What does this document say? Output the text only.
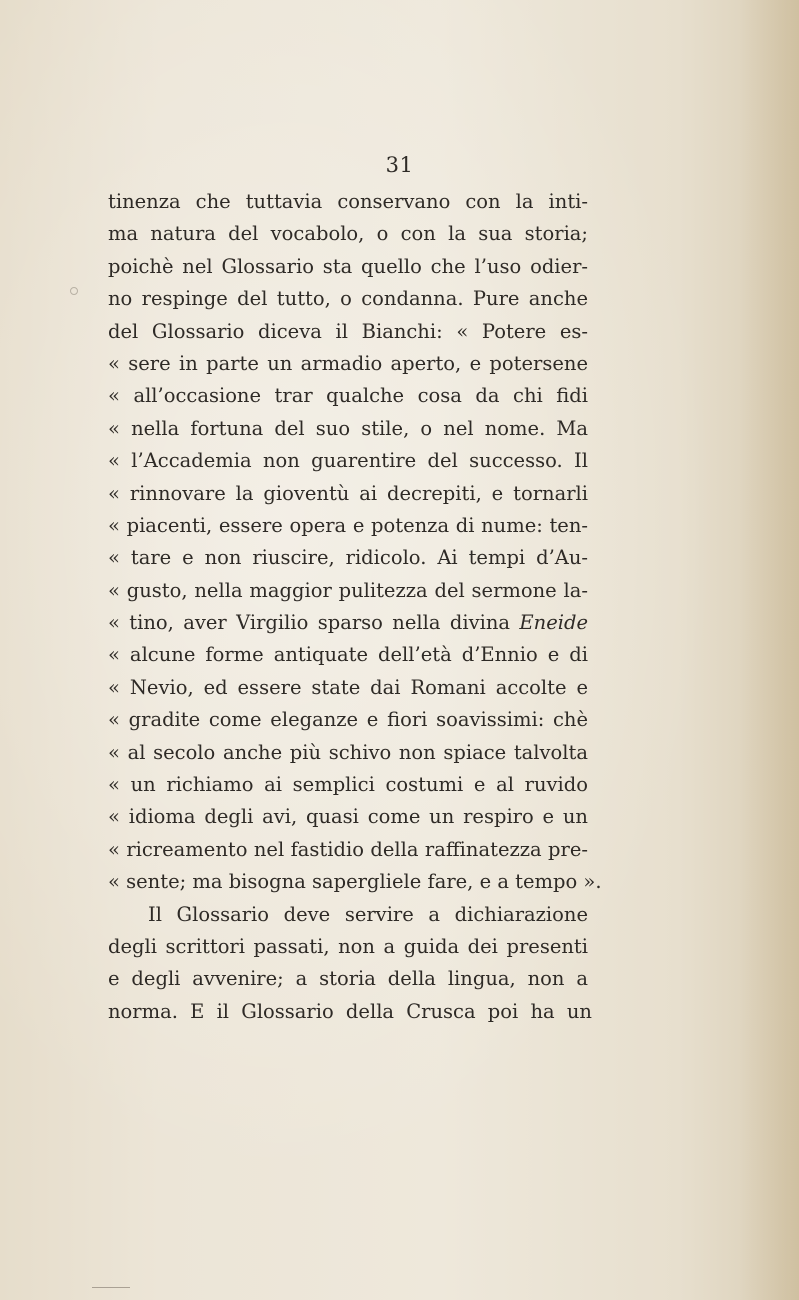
31
tinenza che tuttavia conservano con la inti-
ma natura del vocabolo, o con la sua storia;
poichè nel Glossario sta quello che l’uso odier-
no respinge del tutto, o condanna. Pure anche
del Glossario diceva il Bianchi: « Potere es-
« sere in parte un armadio aperto, e potersene
« all’occasione trar qualche cosa da chi fidi
« nella fortuna del suo stile, o nel nome. Ma
« l’Accademia non guarentire del successo. Il
« rinnovare la gioventù ai decrepiti, e tornarli
« piacenti, essere opera e potenza di nume: ten-
« tare e non riuscire, ridicolo. Ai tempi d’Au-
« gusto, nella maggior pulitezza del sermone la-
« tino, aver Virgilio sparso nella divina Eneide
« alcune forme antiquate dell’età d’Ennio e di
« Nevio, ed essere state dai Romani accolte e
« gradite come eleganze e fiori soavissimi: chè
« al secolo anche più schivo non spiace talvolta
« un richiamo ai semplici costumi e al ruvido
« idioma degli avi, quasi come un respiro e un
« ricreamento nel fastidio della raffinatezza pre-
« sente; ma bisogna sapergliele fare, e a tempo ».
Il Glossario deve servire a dichiarazione
degli scrittori passati, non a guida dei presenti
e degli avvenire; a storia della lingua, non a
norma. E il Glossario della Crusca poi ha un
